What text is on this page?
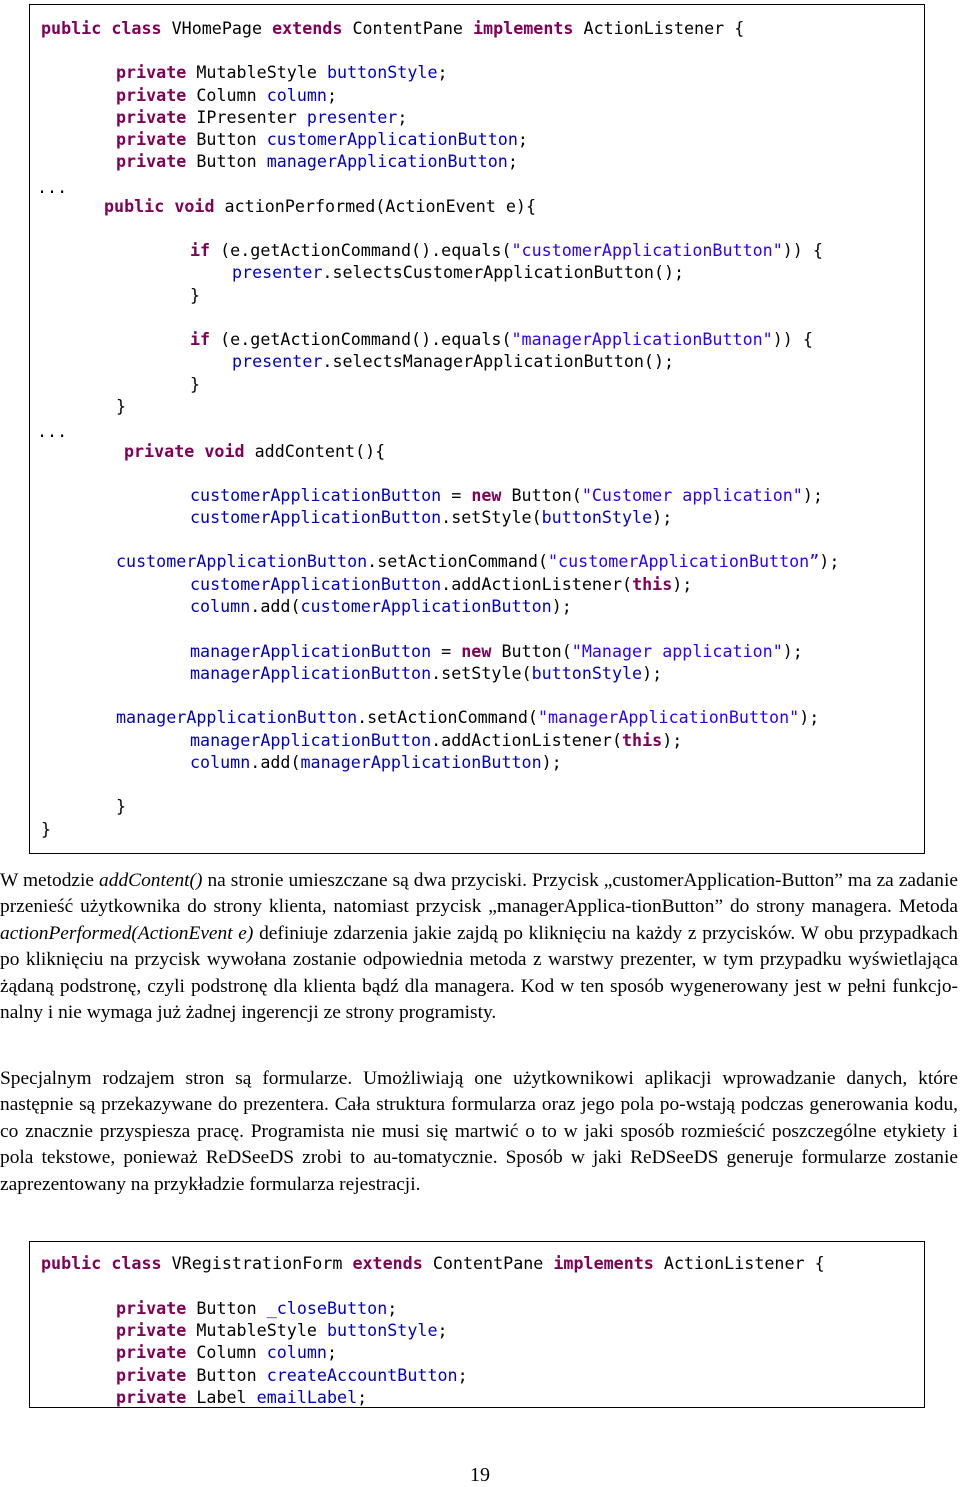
public class VHomePage extends ContentPane implements ActionListener {
private MutableStyle buttonStyle;
private Column column;
private IPresenter presenter;
private Button customerApplicationButton;
private Button managerApplicationButton;
...
public void actionPerformed(ActionEvent e){
if (e.getActionCommand().equals("customerApplicationButton")) {
presenter.selectsCustomerApplicationButton();
}
if (e.getActionCommand().equals("managerApplicationButton")) {
presenter.selectsManagerApplicationButton();
}
}
...
private void addContent(){
customerApplicationButton = new Button("Customer application");
customerApplicationButton.setStyle(buttonStyle);
customerApplicationButton.setActionCommand("customerApplicationButton”);
customerApplicationButton.addActionListener(this);
column.add(customerApplicationButton);
managerApplicationButton = new Button("Manager application");
managerApplicationButton.setStyle(buttonStyle);
managerApplicationButton.setActionCommand("managerApplicationButton");
managerApplicationButton.addActionListener(this);
column.add(managerApplicationButton);
}
}

W metodzie addContent() na stronie umieszczane są dwa przyciski. Przycisk „customerApplication-Button” ma za zadanie przenieść użytkownika do strony klienta, natomiast przycisk „managerApplica-tionButton” do strony managera. Metoda actionPerformed(ActionEvent e) definiuje zdarzenia jakie zajdą po kliknięciu na każdy z przycisków. W obu przypadkach po kliknięciu na przycisk wywołana zostanie odpowiednia metoda z warstwy prezenter, w tym przypadku wyświetlająca żądaną podstronę, czyli podstronę dla klienta bądź dla managera. Kod w ten sposób wygenerowany jest w pełni funkcjo-nalny i nie wymaga już żadnej ingerencji ze strony programisty.

Specjalnym rodzajem stron są formularze. Umożliwiają one użytkownikowi aplikacji wprowadzanie danych, które następnie są przekazywane do prezentera. Cała struktura formularza oraz jego pola po-wstają podczas generowania kodu, co znacznie przyspiesza pracę. Programista nie musi się martwić o to w jaki sposób rozmieścić poszczególne etykiety i pola tekstowe, ponieważ ReDSeeDS zrobi to au-tomatycznie. Sposób w jaki ReDSeeDS generuje formularze zostanie zaprezentowany na przykładzie formularza rejestracji.

public class VRegistrationForm extends ContentPane implements ActionListener {
private Button _closeButton;
private MutableStyle buttonStyle;
private Column column;
private Button createAccountButton;
private Label emailLabel;
19
